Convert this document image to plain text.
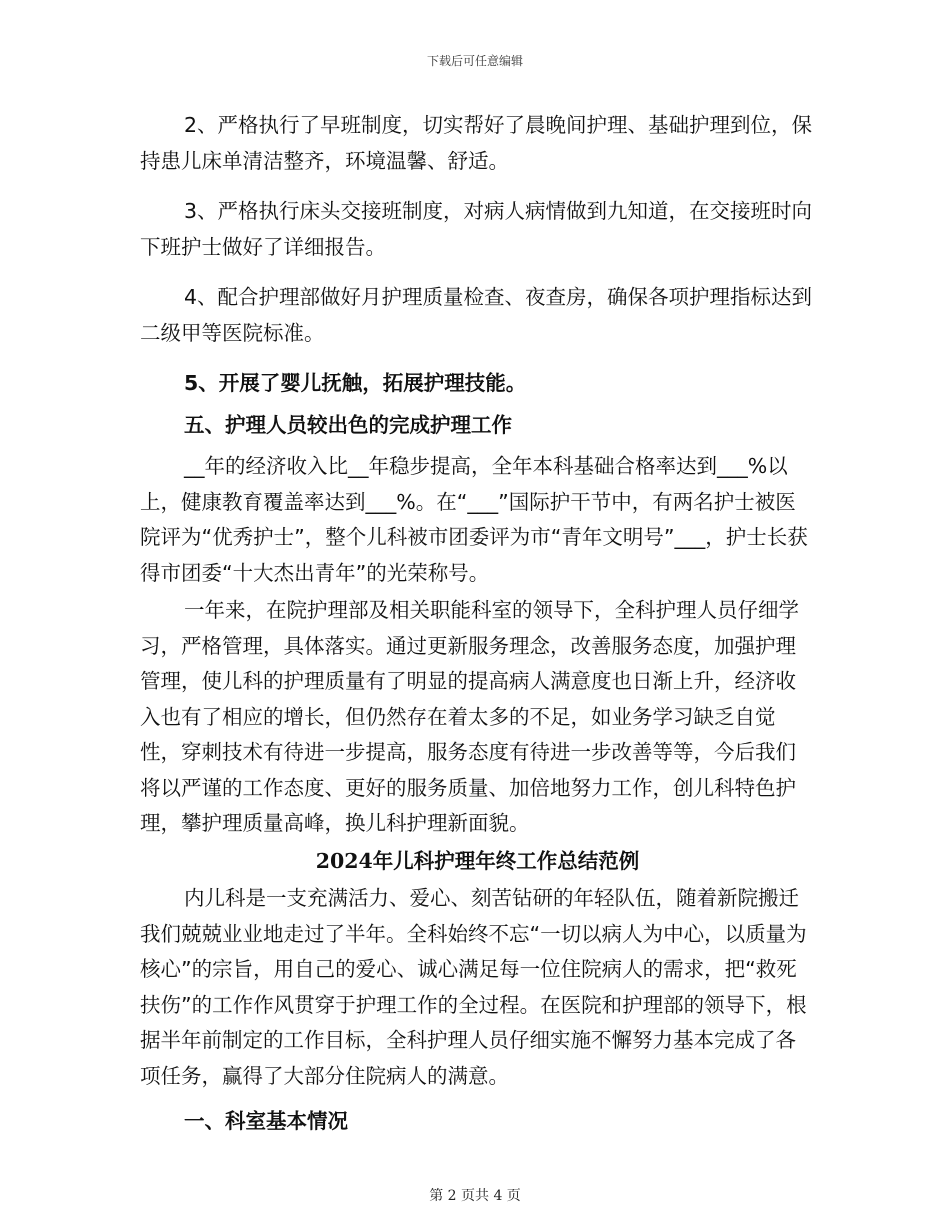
下载后可任意编辑

2、严格执行了早班制度，切实帮好了晨晚间护理、基础护理到位，保持患儿床单清洁整齐，环境温馨、舒适。

3、严格执行床头交接班制度，对病人病情做到九知道，在交接班时向下班护士做好了详细报告。

4、配合护理部做好月护理质量检查、夜查房，确保各项护理指标达到二级甲等医院标准。

5、开展了婴儿抚触，拓展护理技能。

五、护理人员较出色的完成护理工作

__年的经济收入比__年稳步提高，全年本科基础合格率达到___%以上，健康教育覆盖率达到___%。在“___”国际护干节中，有两名护士被医院评为“优秀护士”，整个儿科被市团委评为市“青年文明号”___，护士长获得市团委“十大杰出青年”的光荣称号。

一年来，在院护理部及相关职能科室的领导下，全科护理人员仔细学习，严格管理，具体落实。通过更新服务理念，改善服务态度，加强护理管理，使儿科的护理质量有了明显的提高病人满意度也日渐上升，经济收入也有了相应的增长，但仍然存在着太多的不足，如业务学习缺乏自觉性，穿刺技术有待进一步提高，服务态度有待进一步改善等等，今后我们将以严谨的工作态度、更好的服务质量、加倍地努力工作，创儿科特色护理，攀护理质量高峰，换儿科护理新面貌。

2024年儿科护理年终工作总结范例

内儿科是一支充满活力、爱心、刻苦钻研的年轻队伍，随着新院搬迁我们兢兢业业地走过了半年。全科始终不忘“一切以病人为中心，以质量为核心”的宗旨，用自己的爱心、诚心满足每一位住院病人的需求，把“救死扶伤”的工作作风贯穿于护理工作的全过程。在医院和护理部的领导下，根据半年前制定的工作目标，全科护理人员仔细实施不懈努力基本完成了各项任务，赢得了大部分住院病人的满意。

一、科室基本情况

第 2 页共 4 页
